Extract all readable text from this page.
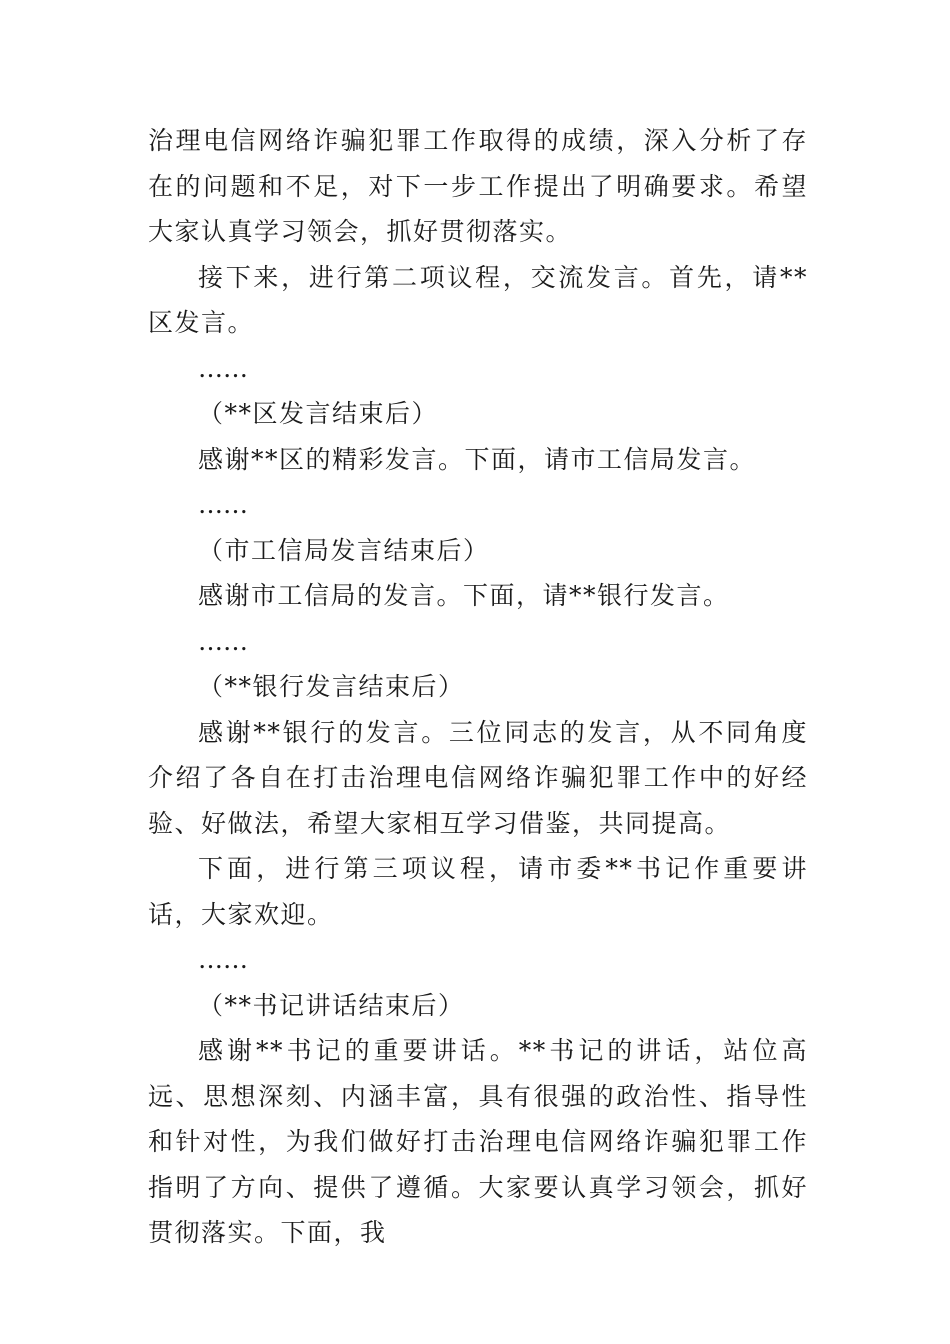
治理电信网络诈骗犯罪工作取得的成绩，深入分析了存在的问题和不足，对下一步工作提出了明确要求。希望大家认真学习领会，抓好贯彻落实。

接下来，进行第二项议程，交流发言。首先，请**区发言。

……

（**区发言结束后）

感谢**区的精彩发言。下面，请市工信局发言。

……

（市工信局发言结束后）

感谢市工信局的发言。下面，请**银行发言。

……

（**银行发言结束后）

感谢**银行的发言。三位同志的发言，从不同角度介绍了各自在打击治理电信网络诈骗犯罪工作中的好经验、好做法，希望大家相互学习借鉴，共同提高。

下面，进行第三项议程，请市委**书记作重要讲话，大家欢迎。

……

（**书记讲话结束后）

感谢**书记的重要讲话。**书记的讲话，站位高远、思想深刻、内涵丰富，具有很强的政治性、指导性和针对性，为我们做好打击治理电信网络诈骗犯罪工作指明了方向、提供了遵循。大家要认真学习领会，抓好贯彻落实。下面，我
